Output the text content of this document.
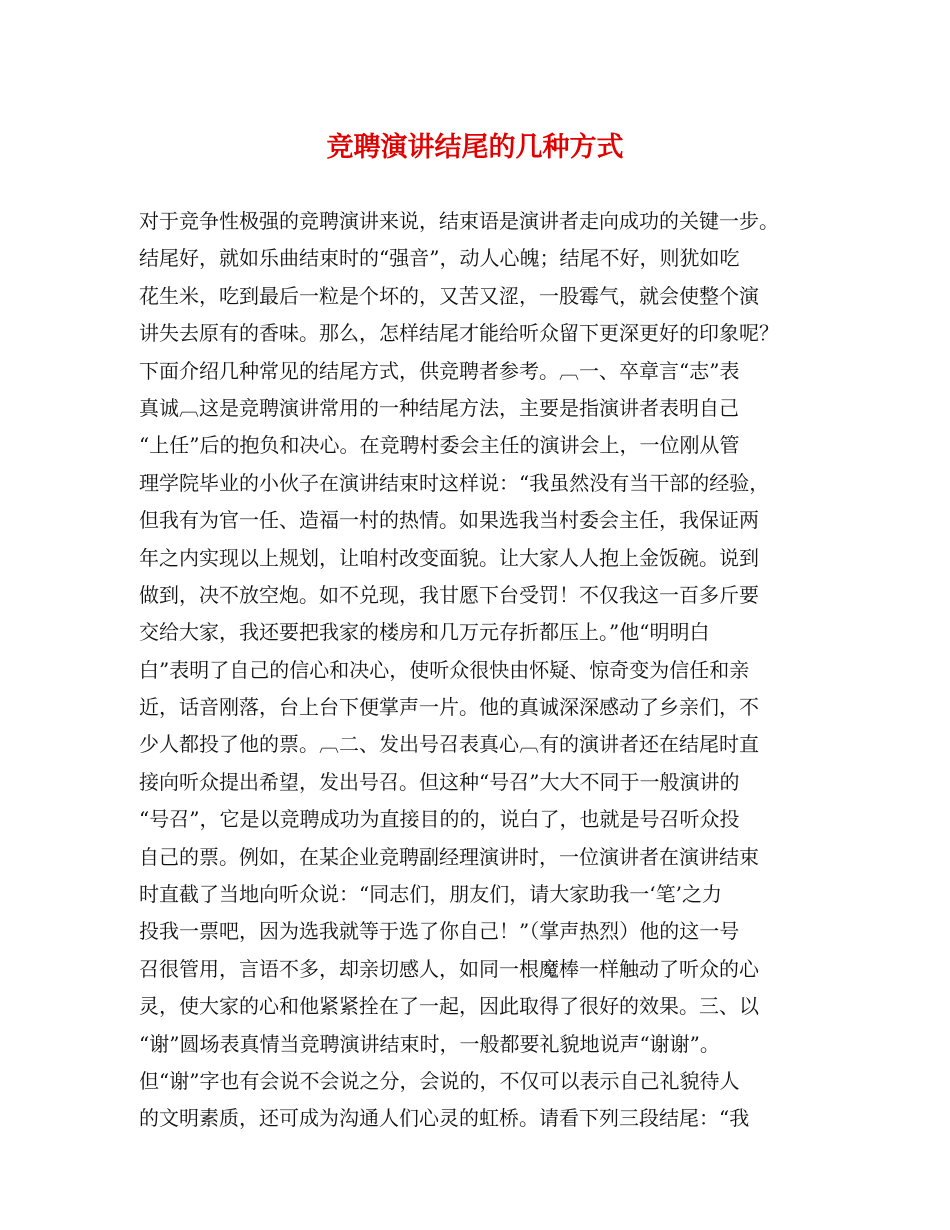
竞聘演讲结尾的几种方式
对于竞争性极强的竞聘演讲来说，结束语是演讲者走向成功的关键一步。
结尾好，就如乐曲结束时的“强音”，动人心魄；结尾不好，则犹如吃
花生米，吃到最后一粒是个坏的，又苦又涩，一股霉气，就会使整个演
讲失去原有的香味。那么，怎样结尾才能给听众留下更深更好的印象呢？
下面介绍几种常见的结尾方式，供竞聘者参考。︹一、卒章言“志”表
真诚︹这是竞聘演讲常用的一种结尾方法，主要是指演讲者表明自己
“上任”后的抱负和决心。在竞聘村委会主任的演讲会上，一位刚从管
理学院毕业的小伙子在演讲结束时这样说：“我虽然没有当干部的经验，
但我有为官一任、造福一村的热情。如果选我当村委会主任，我保证两
年之内实现以上规划，让咱村改变面貌。让大家人人抱上金饭碗。说到
做到，决不放空炮。如不兑现，我甘愿下台受罚！不仅我这一百多斤要
交给大家，我还要把我家的楼房和几万元存折都压上。”他“明明白
白”表明了自己的信心和决心，使听众很快由怀疑、惊奇变为信任和亲
近，话音刚落，台上台下便掌声一片。他的真诚深深感动了乡亲们，不
少人都投了他的票。︹二、发出号召表真心︹有的演讲者还在结尾时直
接向听众提出希望，发出号召。但这种“号召”大大不同于一般演讲的
“号召”，它是以竞聘成功为直接目的的，说白了，也就是号召听众投
自己的票。例如，在某企业竞聘副经理演讲时，一位演讲者在演讲结束
时直截了当地向听众说：“同志们，朋友们，请大家助我一‘笔’之力
投我一票吧，因为选我就等于选了你自己！”（掌声热烈）他的这一号
召很管用，言语不多，却亲切感人，如同一根魔棒一样触动了听众的心
灵，使大家的心和他紧紧拴在了一起，因此取得了很好的效果。三、以
“谢”圆场表真情当竞聘演讲结束时，一般都要礼貌地说声“谢谢”。
但“谢”字也有会说不会说之分，会说的，不仅可以表示自己礼貌待人
的文明素质，还可成为沟通人们心灵的虹桥。请看下列三段结尾：“我
